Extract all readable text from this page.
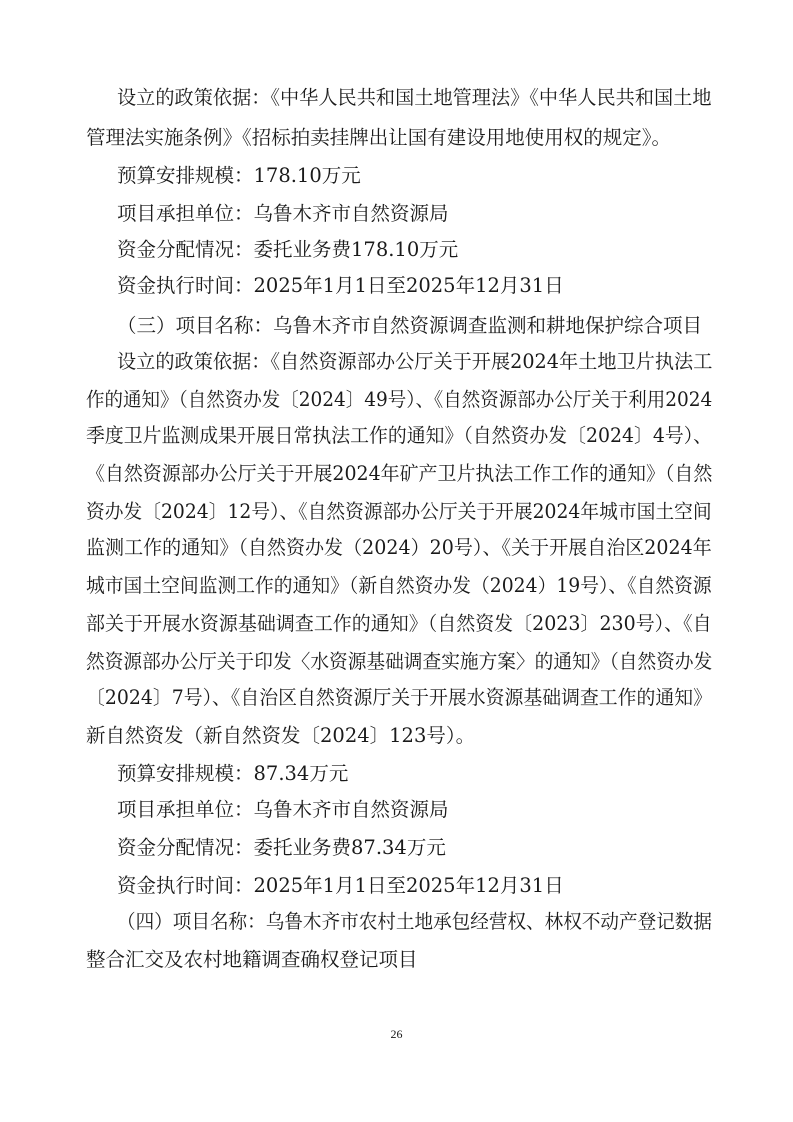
设立的政策依据：《中华人民共和国土地管理法》《中华人民共和国土地
管理法实施条例》《招标拍卖挂牌出让国有建设用地使用权的规定》。
预算安排规模：178.10万元
项目承担单位：乌鲁木齐市自然资源局
资金分配情况：委托业务费178.10万元
资金执行时间：2025年1月1日至2025年12月31日
（三）项目名称：乌鲁木齐市自然资源调查监测和耕地保护综合项目
设立的政策依据：《自然资源部办公厅关于开展2024年土地卫片执法工
作的通知》（自然资办发〔2024〕49号）、《自然资源部办公厅关于利用2024
季度卫片监测成果开展日常执法工作的通知》（自然资办发〔2024〕4号）、
《自然资源部办公厅关于开展2024年矿产卫片执法工作工作的通知》（自然
资办发〔2024〕12号）、《自然资源部办公厅关于开展2024年城市国土空间
监测工作的通知》（自然资办发（2024）20号）、《关于开展自治区2024年
城市国土空间监测工作的通知》（新自然资办发（2024）19号）、《自然资源
部关于开展水资源基础调查工作的通知》（自然资发〔2023〕230号）、《自
然资源部办公厅关于印发〈水资源基础调查实施方案〉的通知》（自然资办发
〔2024〕7号）、《自治区自然资源厅关于开展水资源基础调查工作的通知》
新自然资发（新自然资发〔2024〕123号）。
预算安排规模：87.34万元
项目承担单位：乌鲁木齐市自然资源局
资金分配情况：委托业务费87.34万元
资金执行时间：2025年1月1日至2025年12月31日
（四）项目名称：乌鲁木齐市农村土地承包经营权、林权不动产登记数据
整合汇交及农村地籍调查确权登记项目
26
